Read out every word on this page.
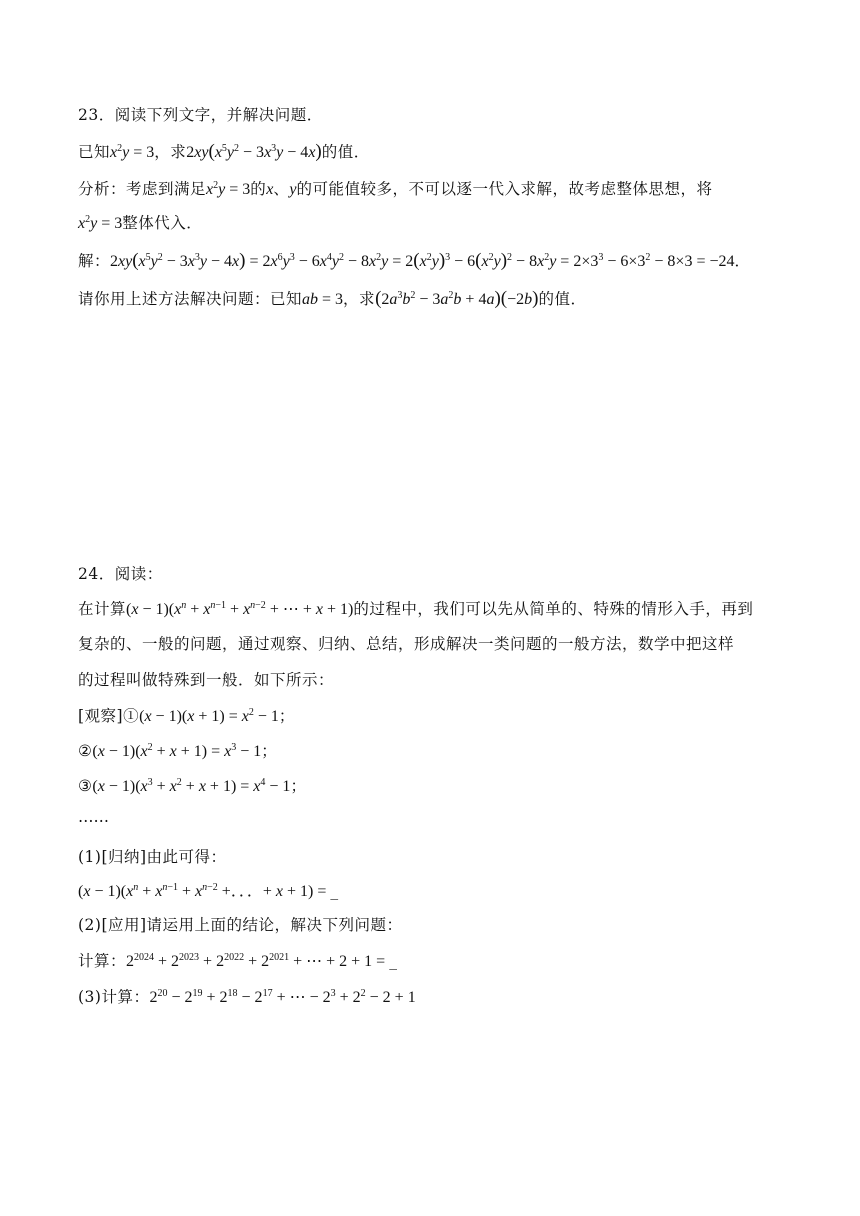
23．阅读下列文字，并解决问题．
已知$x^2y = 3$，求$2xy(x^5y^2 - 3x^3y - 4x)$的值．
分析：考虑到满足$x^2y = 3$的x、y的可能值较多，不可以逐一代入求解，故考虑整体思想，将
$x^2y = 3$整体代入．
解：$2xy(x^5y^2 - 3x^3y - 4x) = 2x^6y^3 - 6x^4y^2 - 8x^2y = 2(x^2y)^3 - 6(x^2y)^2 - 8x^2y = 2\times 3^3 - 6\times 3^2 - 8\times 3 = -24$．
请你用上述方法解决问题：已知ab = 3，求$(2a^3b^2 - 3a^2b + 4a)(-2b)$的值．
24．阅读：
在计算$(x - 1)(x^n + x^{n-1} + x^{n-2}$ + ⋯ + x + 1)的过程中，我们可以先从简单的、特殊的情形入手，再到
复杂的、一般的问题，通过观察、归纳、总结，形成解决一类问题的一般方法，数学中把这样
的过程叫做特殊到一般．如下所示：
[观察]①(x − $1)(x + 1) = x^2 - 1$；
②(x − $1)(x^2 + x + 1) = x^3 - 1$；
③(x − $1)(x^3 + x^2 + x + 1) = x^4 - 1$；
……
(1)[归纳]由此可得：
$(x - 1)(x^n + x^{n-1} + x^{n-2}$ +．．．+ x + 1) = _
(2)[应用]请运用上面的结论，解决下列问题：
计算：$2^{2024} + 2^{2023} + 2^{2022} + 2^{2021}$ + ⋯ + 2 + 1 = _
(3)计算：$2^{20} - 2^{19} + 2^{18} - 2^{17}$ + ⋯ − $2^3 + 2^2 - 2 + 1$
